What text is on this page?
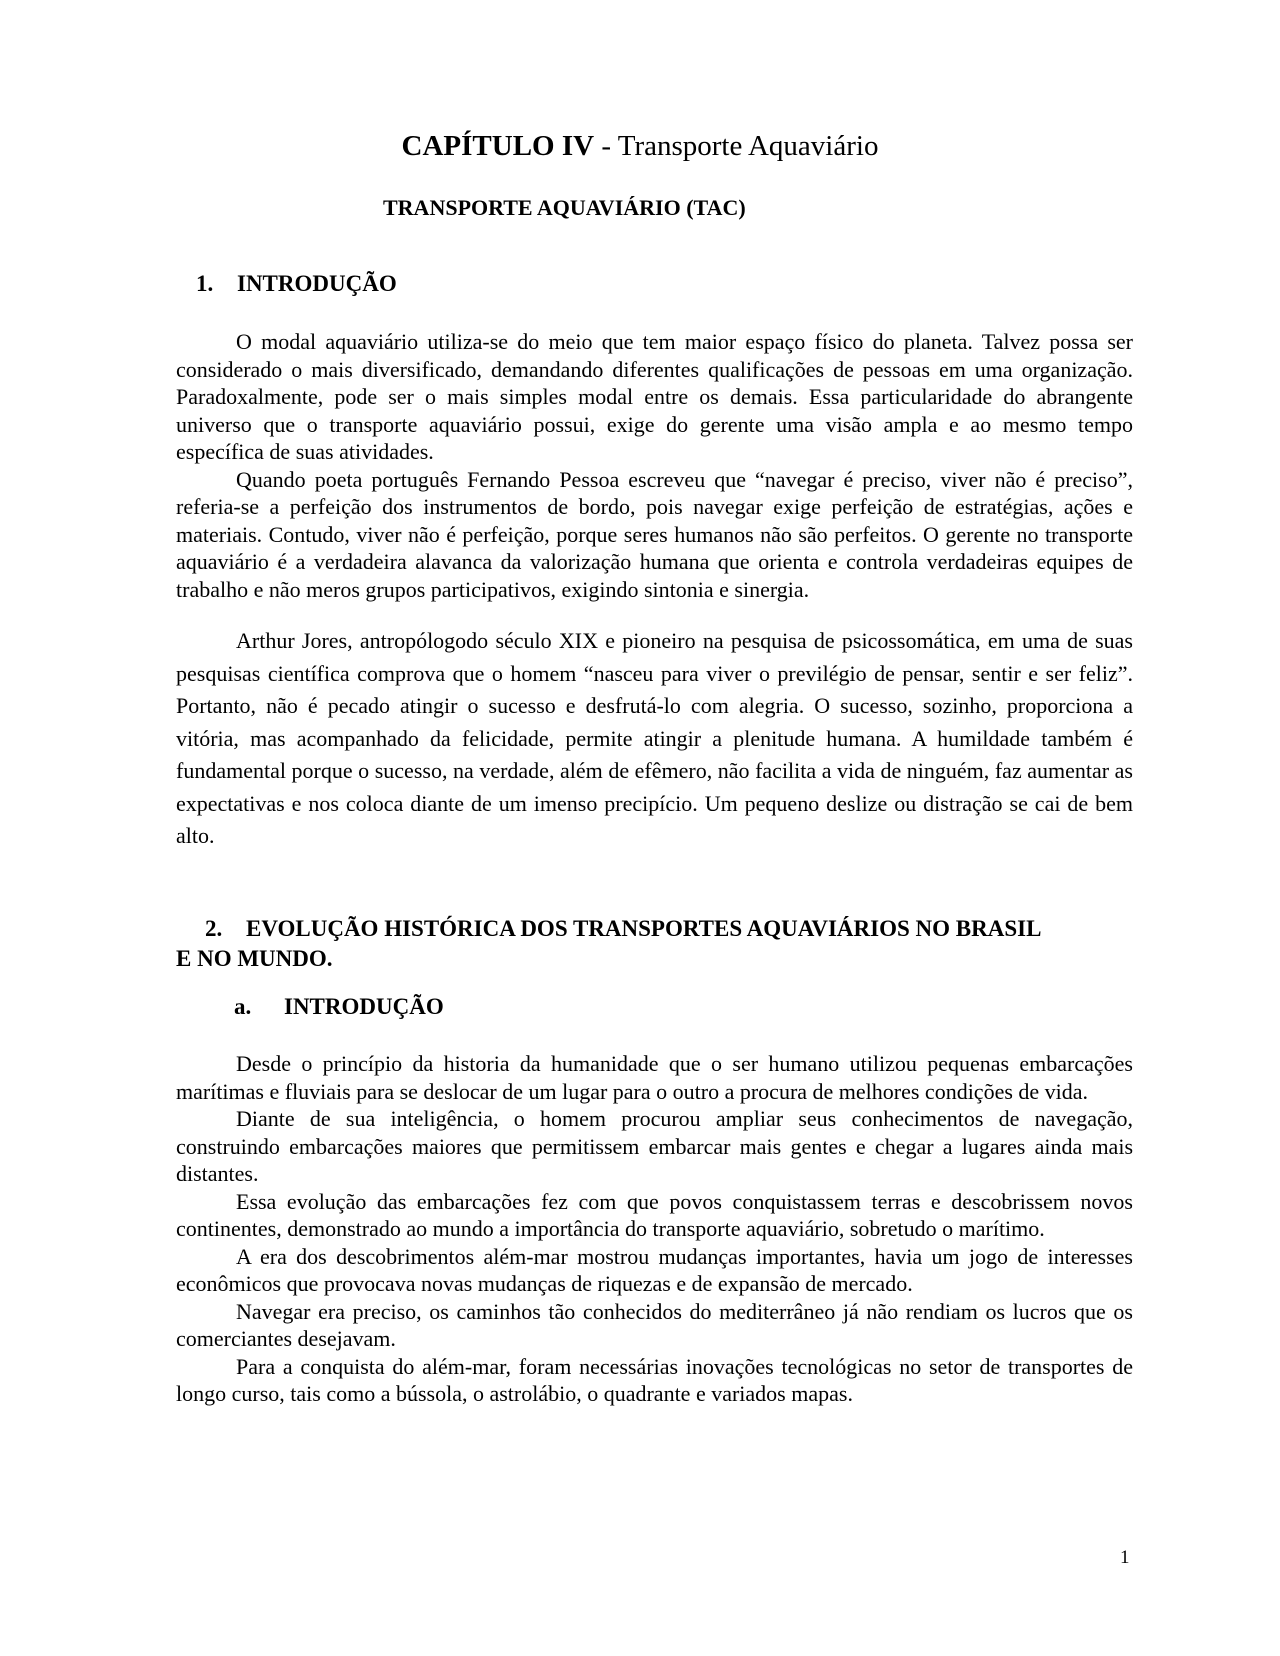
CAPÍTULO IV - Transporte Aquaviário
TRANSPORTE AQUAVIÁRIO (TAC)
1. INTRODUÇÃO

O modal aquaviário utiliza-se do meio que tem maior espaço físico do planeta. Talvez possa ser considerado o mais diversificado, demandando diferentes qualificações de pessoas em uma organização. Paradoxalmente, pode ser o mais simples modal entre os demais. Essa particularidade do abrangente universo que o transporte aquaviário possui, exige do gerente uma visão ampla e ao mesmo tempo específica de suas atividades.

Quando poeta português Fernando Pessoa escreveu que “navegar é preciso, viver não é preciso”, referia-se a perfeição dos instrumentos de bordo, pois navegar exige perfeição de estratégias, ações e materiais. Contudo, viver não é perfeição, porque seres humanos não são perfeitos. O gerente no transporte aquaviário é a verdadeira alavanca da valorização humana que orienta e controla verdadeiras equipes de trabalho e não meros grupos participativos, exigindo sintonia e sinergia.

Arthur Jores, antropólogodo século XIX e pioneiro na pesquisa de psicossomática, em uma de suas pesquisas científica comprova que o homem “nasceu para viver o previlégio de pensar, sentir e ser feliz”. Portanto, não é pecado atingir o sucesso e desfrutá-lo com alegria. O sucesso, sozinho, proporciona a vitória, mas acompanhado da felicidade, permite atingir a plenitude humana. A humildade também é fundamental porque o sucesso, na verdade, além de efêmero, não facilita a vida de ninguém, faz aumentar as expectativas e nos coloca diante de um imenso precipício. Um pequeno deslize ou distração se cai de bem alto.

2. EVOLUÇÃO HISTÓRICA DOS TRANSPORTES AQUAVIÁRIOS NO BRASIL
E NO MUNDO.
a. INTRODUÇÃO

Desde o princípio da historia da humanidade que o ser humano utilizou pequenas embarcações marítimas e fluviais para se deslocar de um lugar para o outro a procura de melhores condições de vida.

Diante de sua inteligência, o homem procurou ampliar seus conhecimentos de navegação, construindo embarcações maiores que permitissem embarcar mais gentes e chegar a lugares ainda mais distantes.

Essa evolução das embarcações fez com que povos conquistassem terras e descobrissem novos continentes, demonstrado ao mundo a importância do transporte aquaviário, sobretudo o marítimo.

A era dos descobrimentos além-mar mostrou mudanças importantes, havia um jogo de interesses econômicos que provocava novas mudanças de riquezas e de expansão de mercado.

Navegar era preciso, os caminhos tão conhecidos do mediterrâneo já não rendiam os lucros que os comerciantes desejavam.

Para a conquista do além-mar, foram necessárias inovações tecnológicas no setor de transportes de longo curso, tais como a bússola, o astrolábio, o quadrante e variados mapas.

1
